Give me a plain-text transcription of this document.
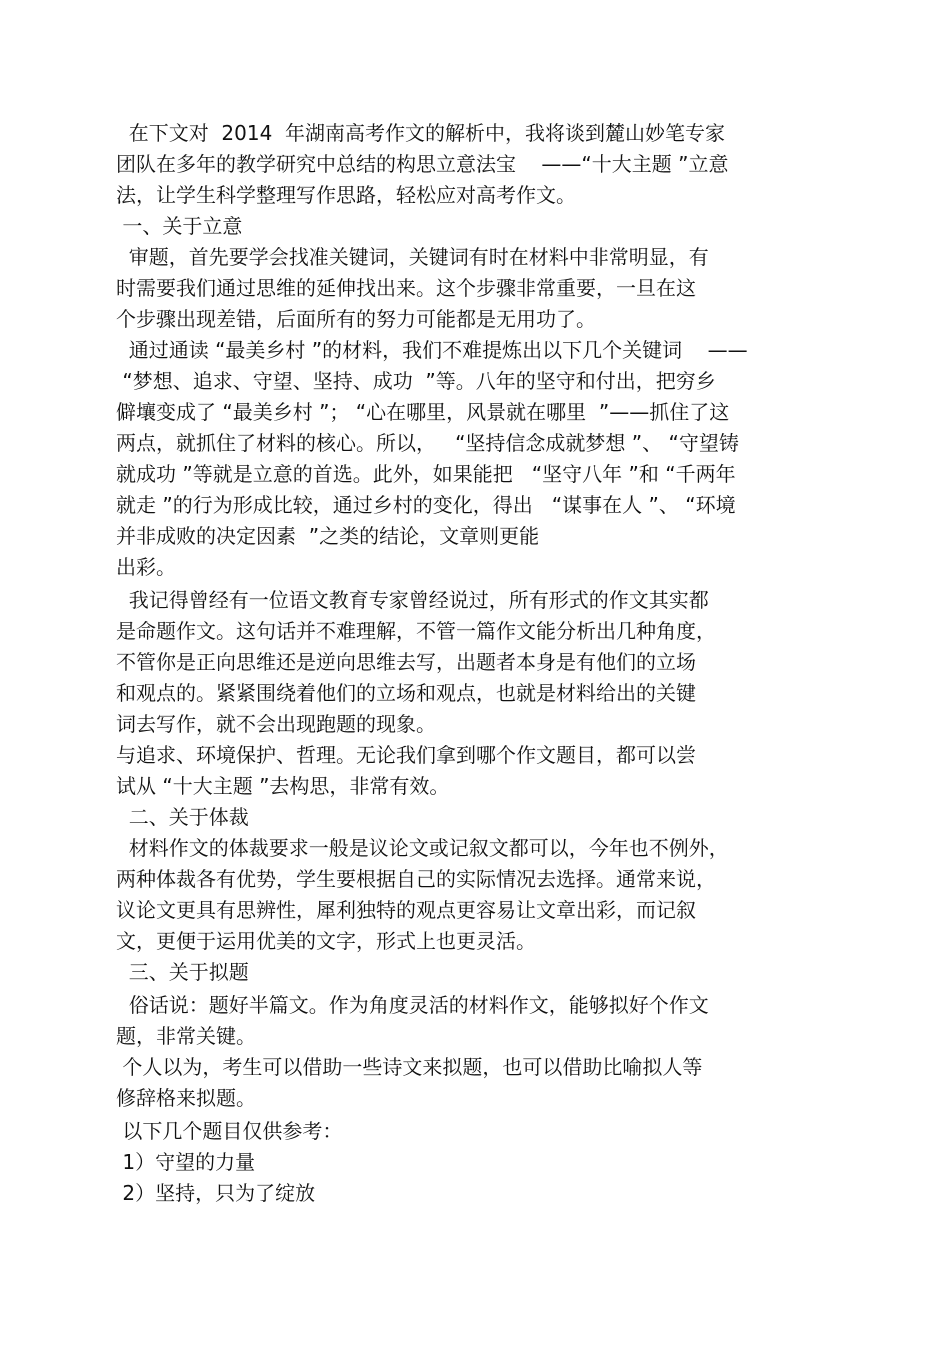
在下文对  2014  年湖南高考作文的解析中，我将谈到麓山妙笔专家

团队在多年的教学研究中总结的构思立意法宝    ——“十大主题 ”立意

法，让学生科学整理写作思路，轻松应对高考作文。

一、关于立意

审题，首先要学会找准关键词，关键词有时在材料中非常明显，有

时需要我们通过思维的延伸找出来。这个步骤非常重要，一旦在这

个步骤出现差错，后面所有的努力可能都是无用功了。

通过通读 “最美乡村 ”的材料，我们不难提炼出以下几个关键词    ——

“梦想、追求、守望、坚持、成功  ”等。八年的坚守和付出，把穷乡

僻壤变成了 “最美乡村 ”； “心在哪里，风景就在哪里  ”——抓住了这

两点，就抓住了材料的核心。所以，   “坚持信念成就梦想 ”、 “守望铸

就成功 ”等就是立意的首选。此外，如果能把   “坚守八年 ”和 “千两年

就走 ”的行为形成比较，通过乡村的变化，得出   “谋事在人 ”、 “环境

并非成败的决定因素  ”之类的结论，文章则更能

出彩。

我记得曾经有一位语文教育专家曾经说过，所有形式的作文其实都

是命题作文。这句话并不难理解，不管一篇作文能分析出几种角度，

不管你是正向思维还是逆向思维去写，出题者本身是有他们的立场

和观点的。紧紧围绕着他们的立场和观点，也就是材料给出的关键

词去写作，就不会出现跑题的现象。

与追求、环境保护、哲理。无论我们拿到哪个作文题目，都可以尝

试从 “十大主题 ”去构思，非常有效。

二、关于体裁

材料作文的体裁要求一般是议论文或记叙文都可以，今年也不例外，

两种体裁各有优势，学生要根据自己的实际情况去选择。通常来说，

议论文更具有思辨性，犀利独特的观点更容易让文章出彩，而记叙

文，更便于运用优美的文字，形式上也更灵活。

三、关于拟题

俗话说：题好半篇文。作为角度灵活的材料作文，能够拟好个作文

题，非常关键。

个人以为，考生可以借助一些诗文来拟题，也可以借助比喻拟人等

修辞格来拟题。

以下几个题目仅供参考：

1）守望的力量

2）坚持，只为了绽放
